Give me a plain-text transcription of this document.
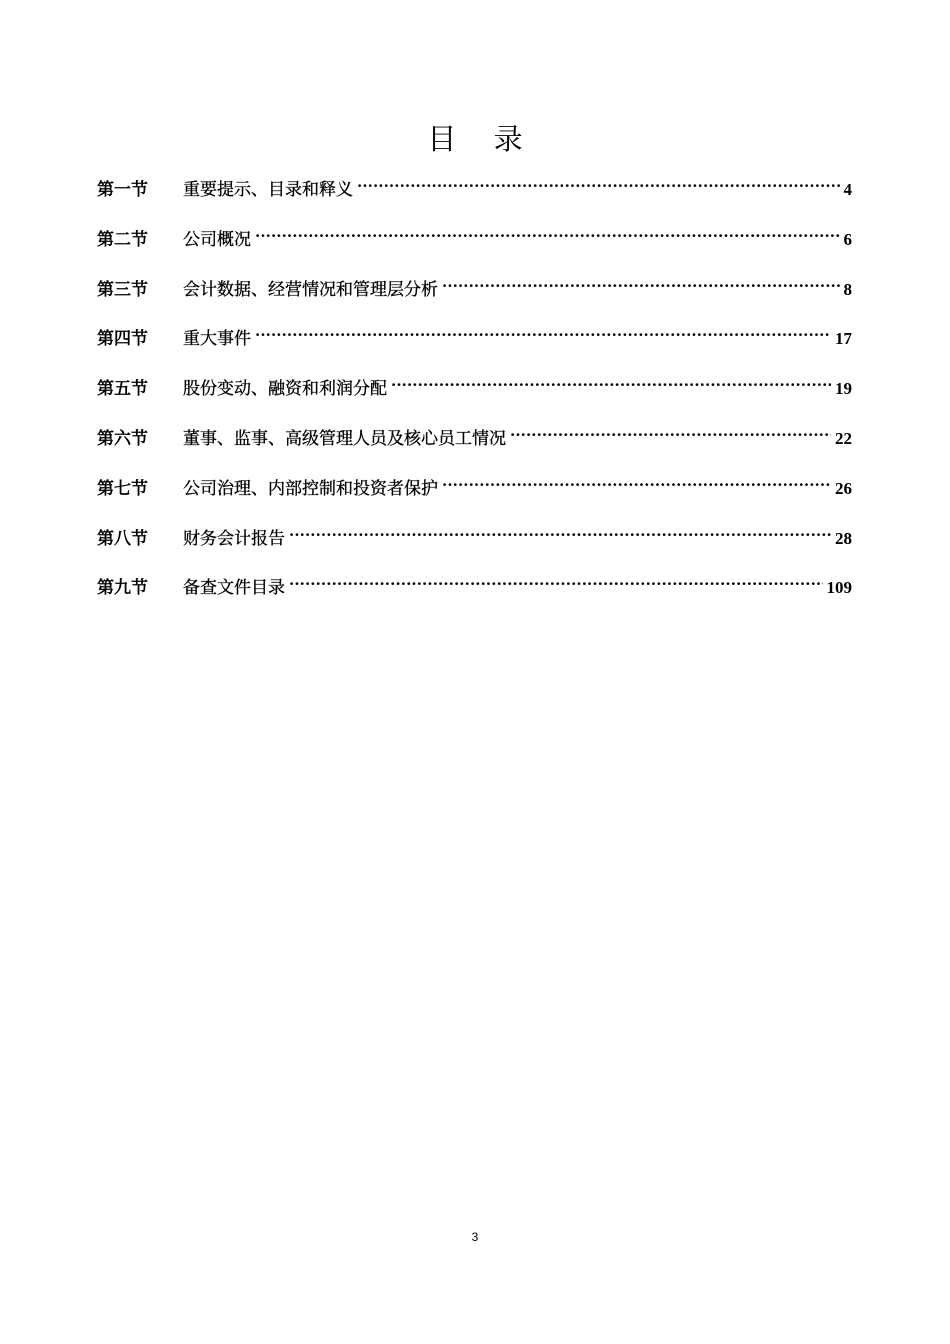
目 录
第一节	重要提示、目录和释义 .....	4
第二节	公司概况 .....	6
第三节	会计数据、经营情况和管理层分析 .....	8
第四节	重大事件 .....	17
第五节	股份变动、融资和利润分配 .....	19
第六节	董事、监事、高级管理人员及核心员工情况 .....	22
第七节	公司治理、内部控制和投资者保护 .....	26
第八节	财务会计报告 .....	28
第九节	备查文件目录 .....	109
3
